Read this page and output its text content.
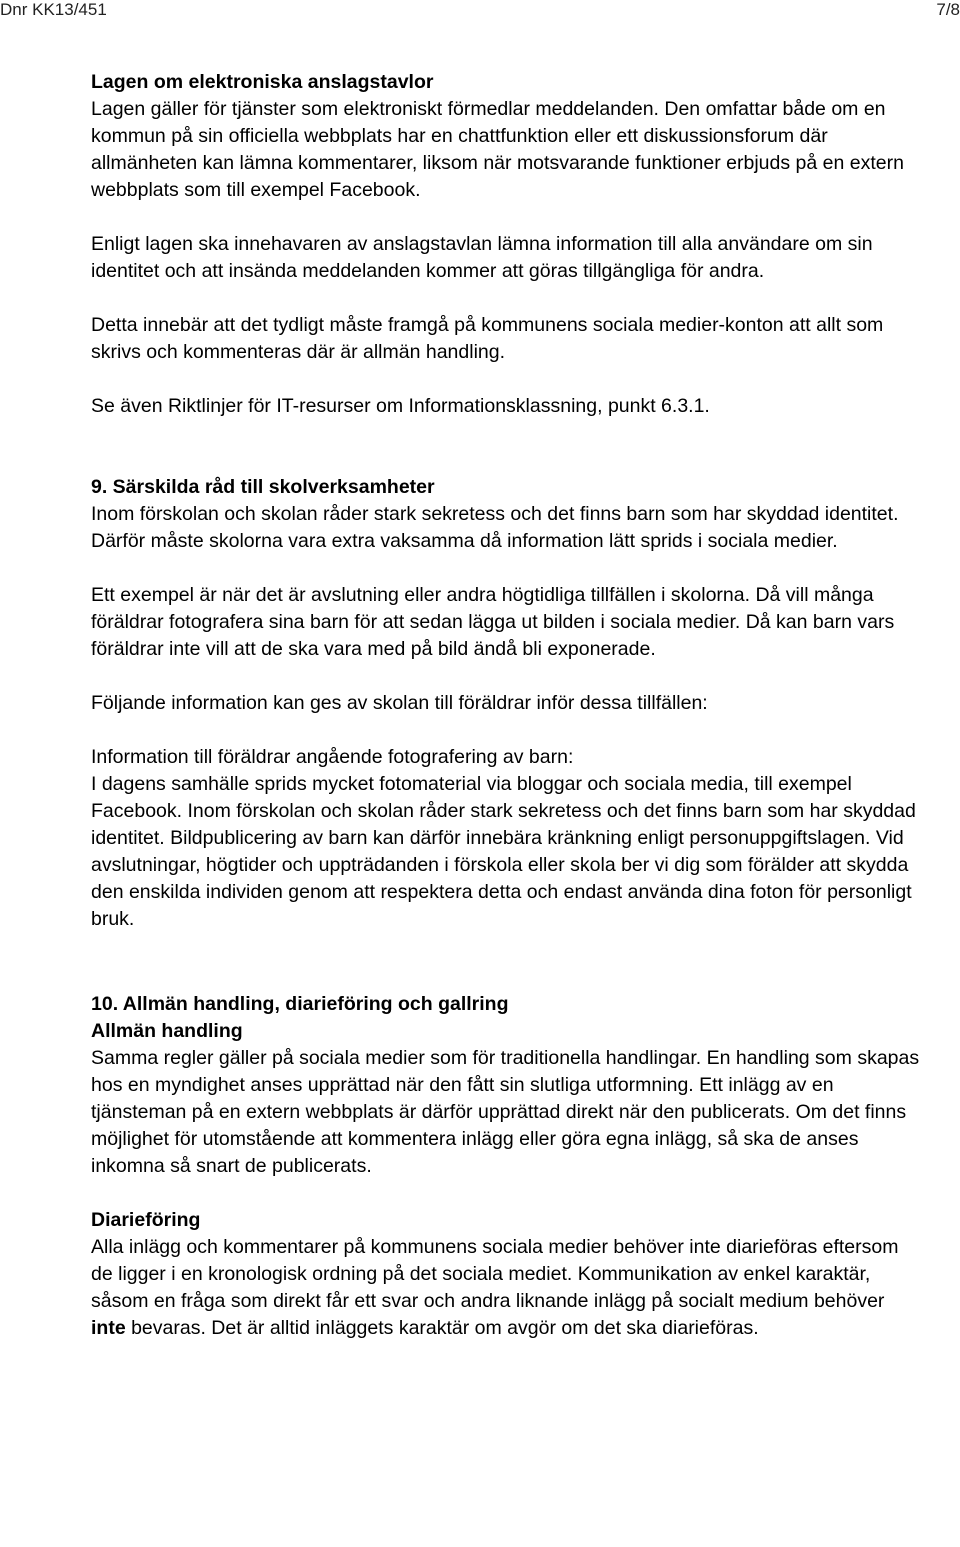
Dnr KK13/451	7/8
Lagen om elektroniska anslagstavlor

Lagen gäller för tjänster som elektroniskt förmedlar meddelanden. Den omfattar både om en kommun på sin officiella webbplats har en chattfunktion eller ett diskussionsforum där allmänheten kan lämna kommentarer, liksom när motsvarande funktioner erbjuds på en extern webbplats som till exempel Facebook.

Enligt lagen ska innehavaren av anslagstavlan lämna information till alla användare om sin identitet och att insända meddelanden kommer att göras tillgängliga för andra.

Detta innebär att det tydligt måste framgå på kommunens sociala medier-konton att allt som skrivs och kommenteras där är allmän handling.

Se även Riktlinjer för IT-resurser om Informationsklassning, punkt 6.3.1.

9. Särskilda råd till skolverksamheter

Inom förskolan och skolan råder stark sekretess och det finns barn som har skyddad identitet. Därför måste skolorna vara extra vaksamma då information lätt sprids i sociala medier.

Ett exempel är när det är avslutning eller andra högtidliga tillfällen i skolorna. Då vill många föräldrar fotografera sina barn för att sedan lägga ut bilden i sociala medier. Då kan barn vars föräldrar inte vill att de ska vara med på bild ändå bli exponerade.

Följande information kan ges av skolan till föräldrar inför dessa tillfällen:

Information till föräldrar angående fotografering av barn:

I dagens samhälle sprids mycket fotomaterial via bloggar och sociala media, till exempel Facebook. Inom förskolan och skolan råder stark sekretess och det finns barn som har skyddad identitet. Bildpublicering av barn kan därför innebära kränkning enligt personuppgiftslagen. Vid avslutningar, högtider och uppträdanden i förskola eller skola ber vi dig som förälder att skydda den enskilda individen genom att respektera detta och endast använda dina foton för personligt bruk.

10. Allmän handling, diarieföring och gallring
Allmän handling

Samma regler gäller på sociala medier som för traditionella handlingar. En handling som skapas hos en myndighet anses upprättad när den fått sin slutliga utformning. Ett inlägg av en tjänsteman på en extern webbplats är därför upprättad direkt när den publicerats. Om det finns möjlighet för utomstående att kommentera inlägg eller göra egna inlägg, så ska de anses inkomna så snart de publicerats.

Diarieföring

Alla inlägg och kommentarer på kommunens sociala medier behöver inte diarieföras eftersom de ligger i en kronologisk ordning på det sociala mediet. Kommunikation av enkel karaktär, såsom en fråga som direkt får ett svar och andra liknande inlägg på socialt medium behöver inte bevaras. Det är alltid inläggets karaktär om avgör om det ska diarieföras.
